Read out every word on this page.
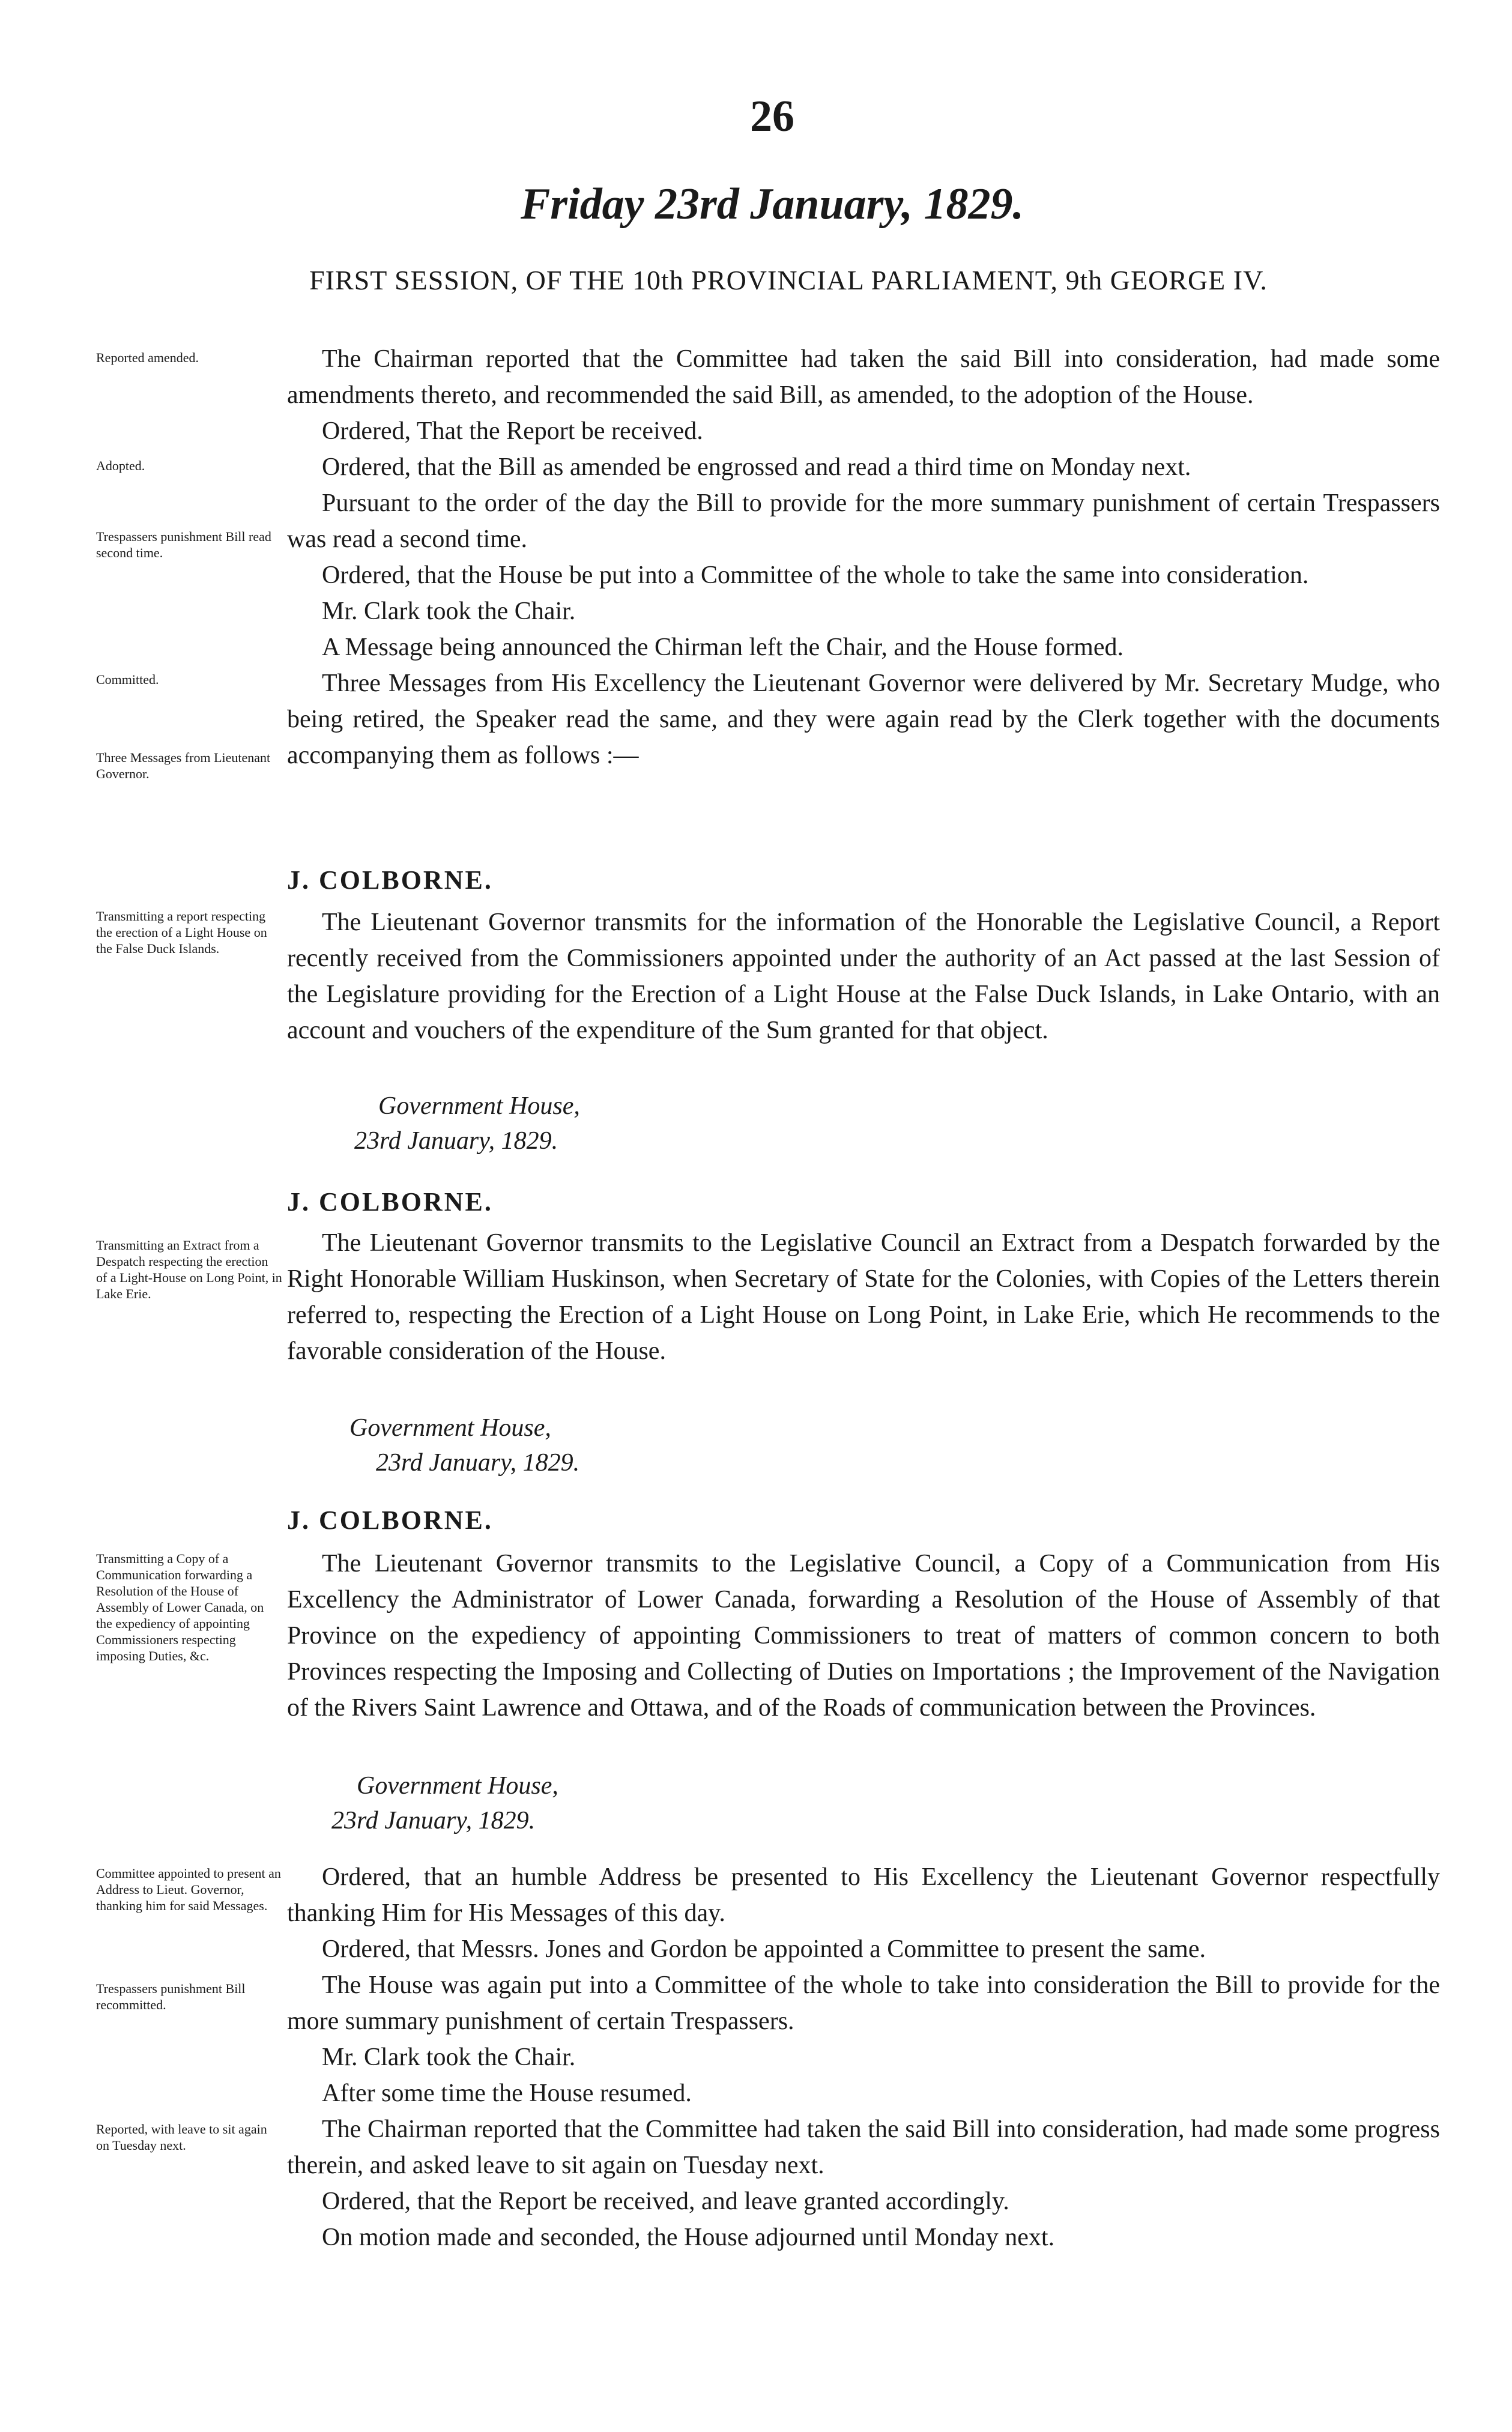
26
Friday 23rd January, 1829.
FIRST SESSION, OF THE 10th PROVINCIAL PARLIAMENT, 9th GEORGE IV.
Reported amended.
Adopted.
Trespassers punishment Bill read second time.
Committed.
Three Messages from Lieutenant Governor.
Transmitting a report respecting the erection of a Light House on the False Duck Islands.
Transmitting an Extract from a Despatch respecting the erection of a Light-House on Long Point, in Lake Erie.
Transmitting a Copy of a Communication forwarding a Resolution of the House of Assembly of Lower Canada, on the expediency of appointing Commissioners respecting imposing Duties, &c.
Committee appointed to present an Address to Lieut. Governor, thanking him for said Messages.
Trespassers punishment Bill recommitted.
Reported, with leave to sit again on Tuesday next.

The Chairman reported that the Committee had taken the said Bill into consideration, had made some amendments thereto, and recommended the said Bill, as amended, to the adoption of the House.

Ordered, That the Report be received.

Ordered, that the Bill as amended be engrossed and read a third time on Monday next.

Pursuant to the order of the day the Bill to provide for the more summary punishment of certain Trespassers was read a second time.

Ordered, that the House be put into a Committee of the whole to take the same into consideration.

Mr. Clark took the Chair.

A Message being announced the Chirman left the Chair, and the House formed.

Three Messages from His Excellency the Lieutenant Governor were delivered by Mr. Secretary Mudge, who being retired, the Speaker read the same, and they were again read by the Clerk together with the documents accompanying them as follows :—

J. COLBORNE.

The Lieutenant Governor transmits for the information of the Honorable the Legislative Council, a Report recently received from the Commissioners appointed under the authority of an Act passed at the last Session of the Legislature providing for the Erection of a Light House at the False Duck Islands, in Lake Ontario, with an account and vouchers of the expenditure of the Sum granted for that object.

Government House,
23rd January, 1829.
J. COLBORNE.

The Lieutenant Governor transmits to the Legislative Council an Extract from a Despatch forwarded by the Right Honorable William Huskinson, when Secretary of State for the Colonies, with Copies of the Letters therein referred to, respecting the Erection of a Light House on Long Point, in Lake Erie, which He recommends to the favorable consideration of the House.

Government House,
23rd January, 1829.
J. COLBORNE.

The Lieutenant Governor transmits to the Legislative Council, a Copy of a Communication from His Excellency the Administrator of Lower Canada, forwarding a Resolution of the House of Assembly of that Province on the expediency of appointing Commissioners to treat of matters of common concern to both Provinces respecting the Imposing and Collecting of Duties on Importations ; the Improvement of the Navigation of the Rivers Saint Lawrence and Ottawa, and of the Roads of communication between the Provinces.

Government House,
23rd January, 1829.

Ordered, that an humble Address be presented to His Excellency the Lieutenant Governor respectfully thanking Him for His Messages of this day.

Ordered, that Messrs. Jones and Gordon be appointed a Committee to present the same.

The House was again put into a Committee of the whole to take into consideration the Bill to provide for the more summary punishment of certain Trespassers.

Mr. Clark took the Chair.

After some time the House resumed.

The Chairman reported that the Committee had taken the said Bill into consideration, had made some progress therein, and asked leave to sit again on Tuesday next.

Ordered, that the Report be received, and leave granted accordingly.

On motion made and seconded, the House adjourned until Monday next.
